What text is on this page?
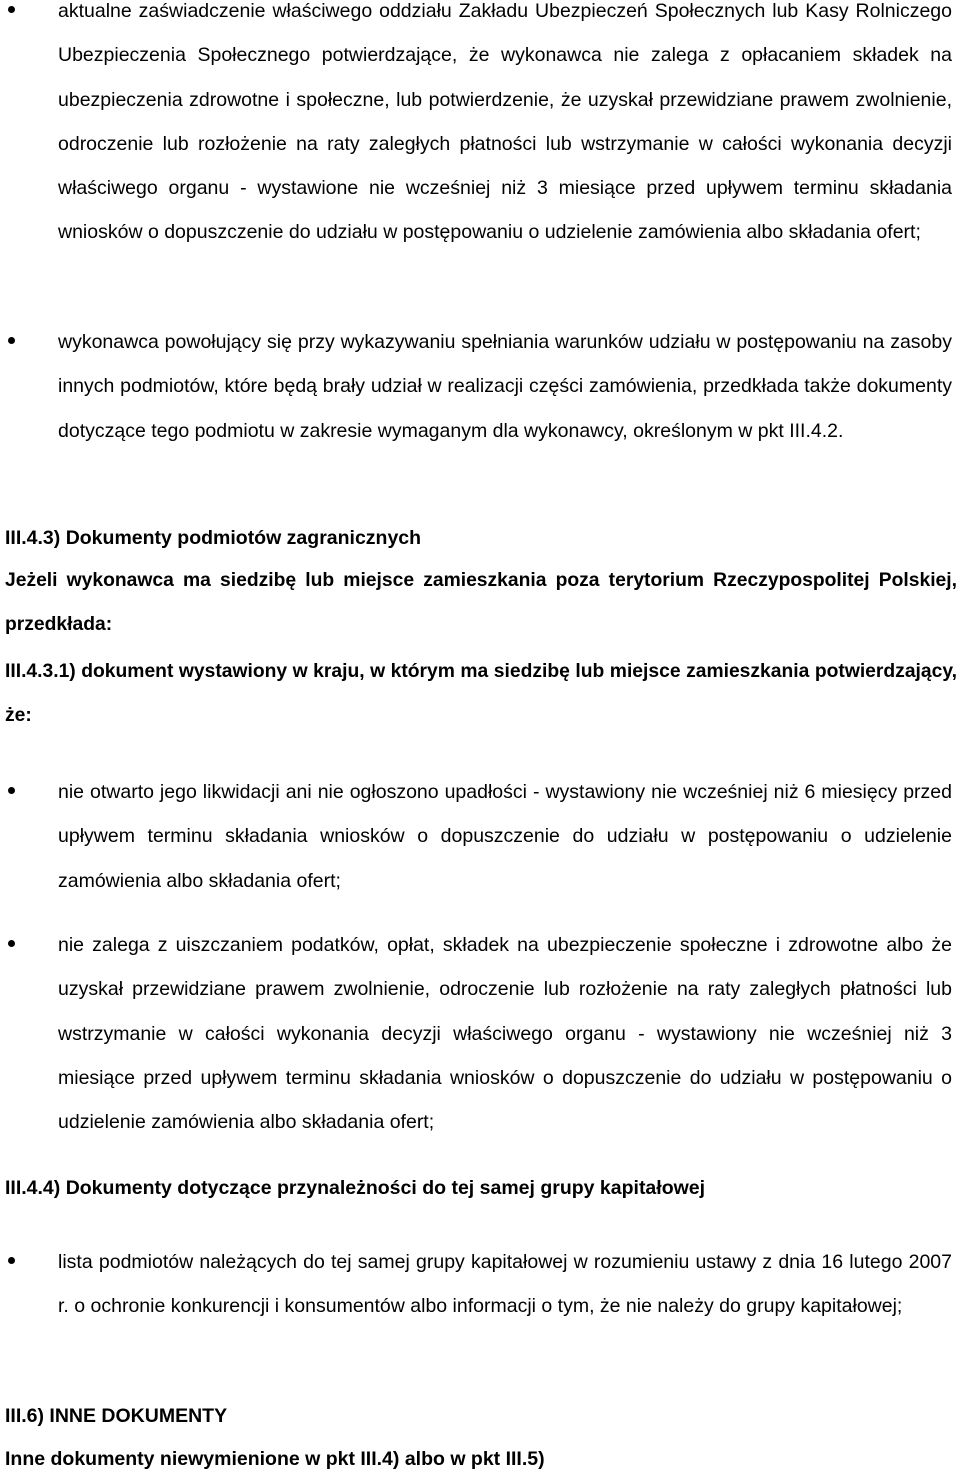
aktualne zaświadczenie właściwego oddziału Zakładu Ubezpieczeń Społecznych lub Kasy Rolniczego Ubezpieczenia Społecznego potwierdzające, że wykonawca nie zalega z opłacaniem składek na ubezpieczenia zdrowotne i społeczne, lub potwierdzenie, że uzyskał przewidziane prawem zwolnienie, odroczenie lub rozłożenie na raty zaległych płatności lub wstrzymanie w całości wykonania decyzji właściwego organu - wystawione nie wcześniej niż 3 miesiące przed upływem terminu składania wniosków o dopuszczenie do udziału w postępowaniu o udzielenie zamówienia albo składania ofert;
wykonawca powołujący się przy wykazywaniu spełniania warunków udziału w postępowaniu na zasoby innych podmiotów, które będą brały udział w realizacji części zamówienia, przedkłada także dokumenty dotyczące tego podmiotu w zakresie wymaganym dla wykonawcy, określonym w pkt III.4.2.
III.4.3) Dokumenty podmiotów zagranicznych
Jeżeli wykonawca ma siedzibę lub miejsce zamieszkania poza terytorium Rzeczypospolitej Polskiej, przedkłada:
III.4.3.1) dokument wystawiony w kraju, w którym ma siedzibę lub miejsce zamieszkania potwierdzający, że:
nie otwarto jego likwidacji ani nie ogłoszono upadłości - wystawiony nie wcześniej niż 6 miesięcy przed upływem terminu składania wniosków o dopuszczenie do udziału w postępowaniu o udzielenie zamówienia albo składania ofert;
nie zalega z uiszczaniem podatków, opłat, składek na ubezpieczenie społeczne i zdrowotne albo że uzyskał przewidziane prawem zwolnienie, odroczenie lub rozłożenie na raty zaległych płatności lub wstrzymanie w całości wykonania decyzji właściwego organu - wystawiony nie wcześniej niż 3 miesiące przed upływem terminu składania wniosków o dopuszczenie do udziału w postępowaniu o udzielenie zamówienia albo składania ofert;
III.4.4) Dokumenty dotyczące przynależności do tej samej grupy kapitałowej
lista podmiotów należących do tej samej grupy kapitałowej w rozumieniu ustawy z dnia 16 lutego 2007 r. o ochronie konkurencji i konsumentów albo informacji o tym, że nie należy do grupy kapitałowej;
III.6) INNE DOKUMENTY
Inne dokumenty niewymienione w pkt III.4) albo w pkt III.5)
